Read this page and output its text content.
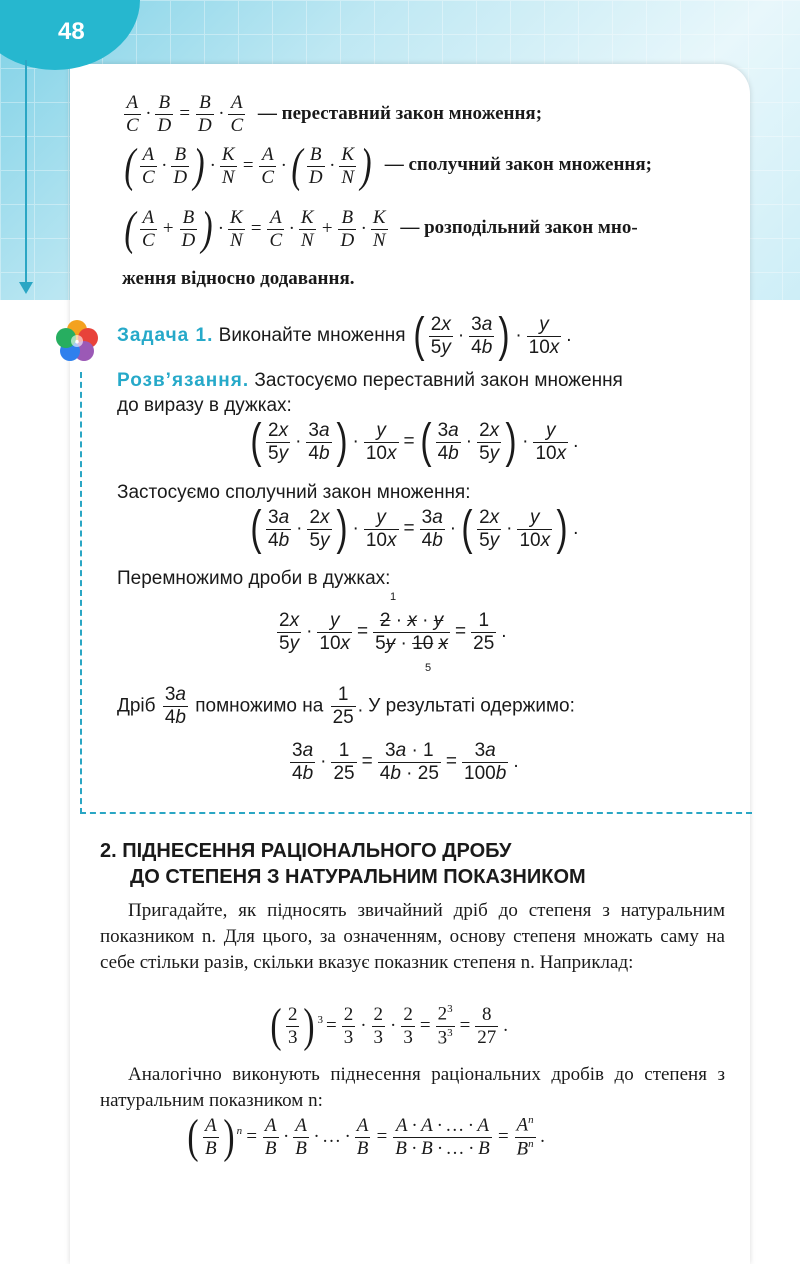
48
$\frac{A}{C} \cdot \frac{B}{D} = \frac{B}{D} \cdot \frac{A}{C}$ — переставний закон множення;
( $\frac{A}{C} \cdot \frac{B}{D}$ ) · $\frac{K}{N} = \frac{A}{C}$ · ( $\frac{B}{D} \cdot \frac{K}{N}$ ) — сполучний закон множення;
( $\frac{A}{C} + \frac{B}{D}$ ) · $\frac{K}{N} = \frac{A}{C} \cdot \frac{K}{N} + \frac{B}{D} \cdot \frac{K}{N}$ — розподільний закон мно-
ження відносно додавання.
Задача 1. Виконайте множення ( $\frac{2x}{5y} \cdot \frac{3a}{4b}$ ) · $\frac{y}{10x}$ .
Розв’язання. Застосуємо переставний закон множення
до виразу в дужках:
( $\frac{2x}{5y} \cdot \frac{3a}{4b}$ ) · $\frac{y}{10x}$ = ( $\frac{3a}{4b} \cdot \frac{2x}{5y}$ ) · $\frac{y}{10x}$ .
Застосуємо сполучний закон множення:
( $\frac{3a}{4b} \cdot \frac{2x}{5y}$ ) · $\frac{y}{10x} = \frac{3a}{4b}$ · ( $\frac{2x}{5y} \cdot \frac{y}{10x}$ ) .
Перемножимо дроби в дужках:
$\frac{2x}{5y} \cdot \frac{y}{10x} = \frac{2 \cdot x \cdot y}{5y \cdot 10 x} = \frac{1}{25}$ .
1
5
Дріб $\frac{3a}{4b}$ помножимо на $\frac{1}{25}$ . У результаті одержимо:
$\frac{3a}{4b} \cdot \frac{1}{25} = \frac{3a \cdot 1}{4b \cdot 25} = \frac{3a}{100b}$ .
2. ПІДНЕСЕННЯ РАЦІОНАЛЬНОГО ДРОБУ
ДО СТЕПЕНЯ З НАТУРАЛЬНИМ ПОКАЗНИКОМ
Пригадайте, як підносять звичайний дріб до степеня з натуральним показником n. Для цього, за означенням, основу степеня множать саму на себе стільки разів, скільки вказує показник степеня n. Наприклад:
( $\frac{2}{3}$ ) $^3 = \frac{2}{3} \cdot \frac{2}{3} \cdot \frac{2}{3} = \frac{2^3}{3^3} = \frac{8}{27}$ .
Аналогічно виконують піднесення раціональних дробів до степеня з натуральним показником n:
( $\frac{A}{B}$ ) $^n = \frac{A}{B} \cdot \frac{A}{B}$ · … · $\frac{A}{B} = \frac{A \cdot A \cdot \dots \cdot A}{B \cdot B \cdot \dots \cdot B} = \frac{A^n}{B^n}$ .
